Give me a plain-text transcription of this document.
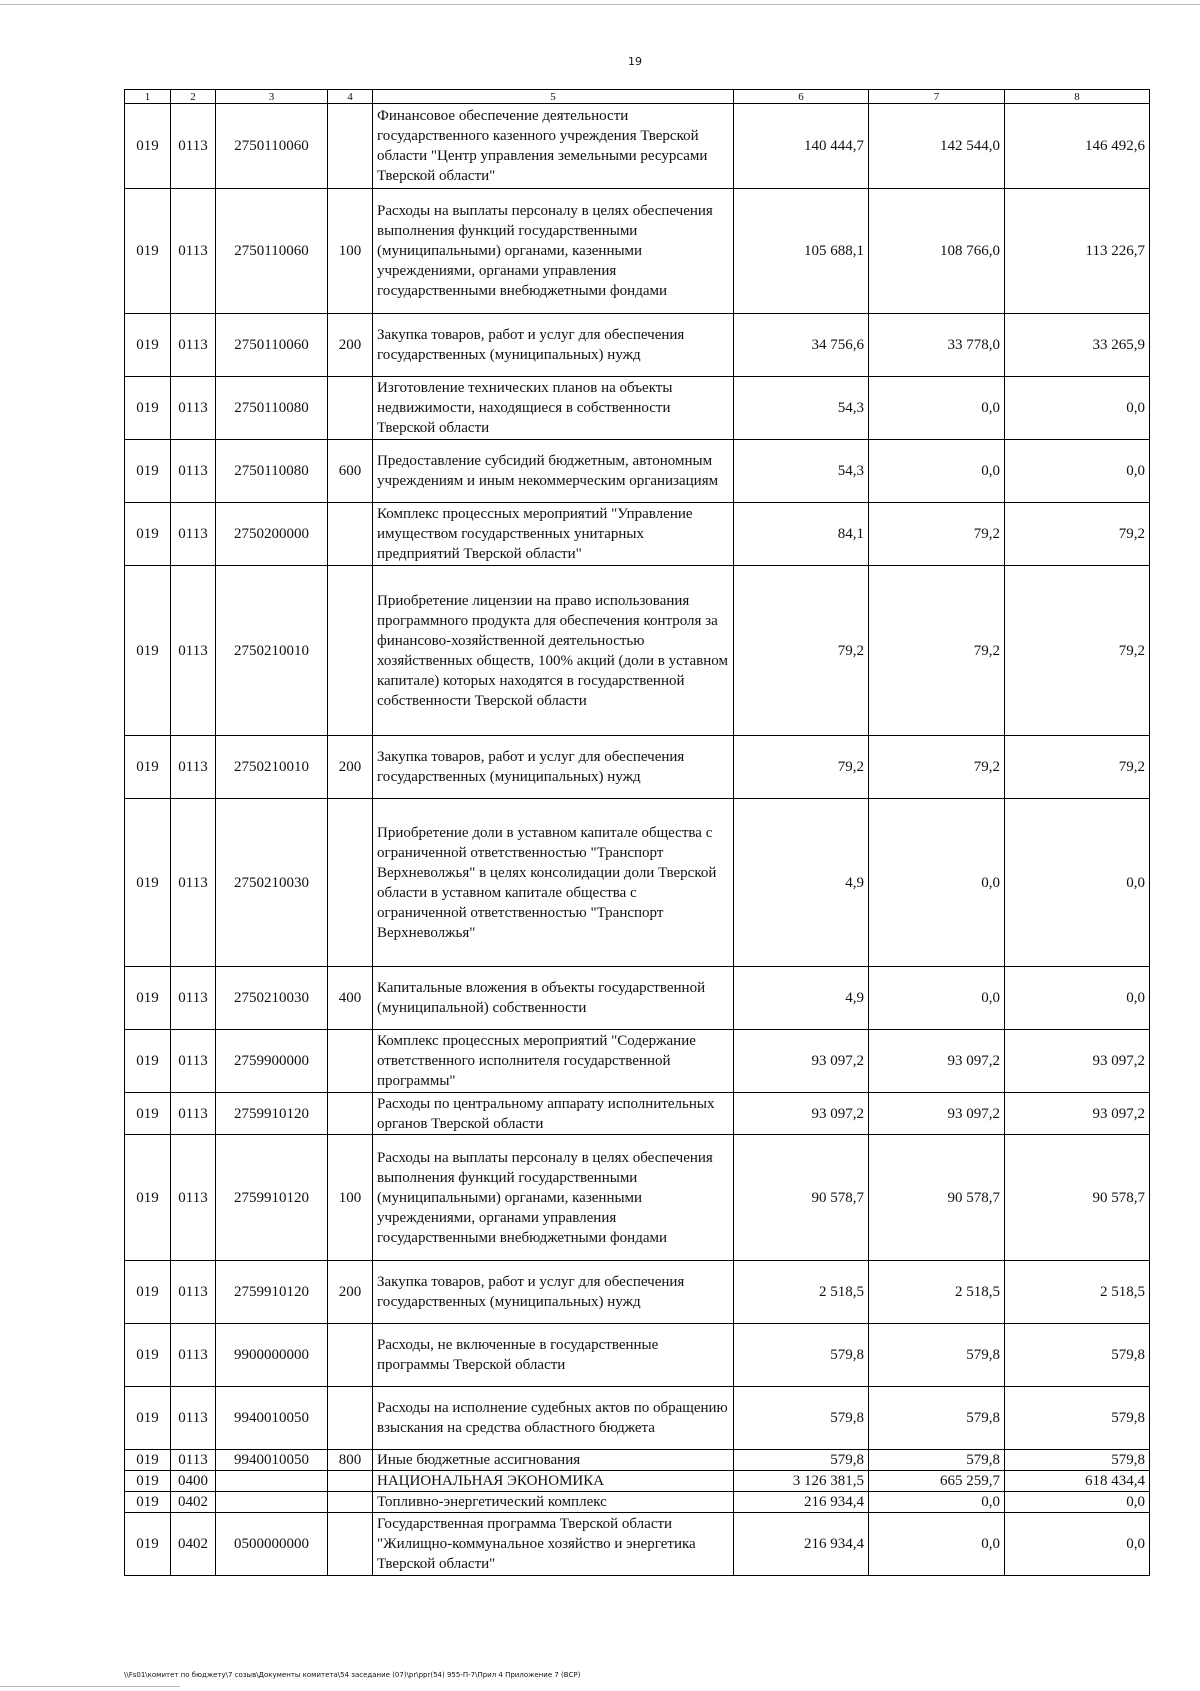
19
1	2	3	4	5	6	7	8
019	0113	2750110060		Финансовое обеспечение деятельности государственного казенного учреждения Тверской области "Центр управления земельными ресурсами Тверской области"	140 444,7	142 544,0	146 492,6
019	0113	2750110060	100	Расходы на выплаты персоналу в целях обеспечения выполнения функций государственными (муниципальными) органами, казенными учреждениями, органами управления государственными внебюджетными фондами	105 688,1	108 766,0	113 226,7
019	0113	2750110060	200	Закупка товаров, работ и услуг для обеспечения государственных (муниципальных) нужд	34 756,6	33 778,0	33 265,9
019	0113	2750110080		Изготовление технических планов на объекты недвижимости, находящиеся в собственности Тверской области	54,3	0,0	0,0
019	0113	2750110080	600	Предоставление субсидий бюджетным, автономным учреждениям и иным некоммерческим организациям	54,3	0,0	0,0
019	0113	2750200000		Комплекс процессных мероприятий "Управление имуществом государственных унитарных предприятий Тверской области"	84,1	79,2	79,2
019	0113	2750210010		Приобретение лицензии на право использования программного продукта для обеспечения контроля за финансово-хозяйственной деятельностью хозяйственных обществ, 100% акций (доли в уставном капитале) которых находятся в государственной собственности Тверской области	79,2	79,2	79,2
019	0113	2750210010	200	Закупка товаров, работ и услуг для обеспечения государственных (муниципальных) нужд	79,2	79,2	79,2
019	0113	2750210030		Приобретение доли в уставном капитале общества с ограниченной ответственностью "Транспорт Верхневолжья" в целях консолидации доли Тверской области в уставном капитале общества с ограниченной ответственностью "Транспорт Верхневолжья"	4,9	0,0	0,0
019	0113	2750210030	400	Капитальные вложения в объекты государственной (муниципальной) собственности	4,9	0,0	0,0
019	0113	2759900000		Комплекс процессных мероприятий "Содержание ответственного исполнителя государственной программы"	93 097,2	93 097,2	93 097,2
019	0113	2759910120		Расходы по центральному аппарату исполнительных органов Тверской области	93 097,2	93 097,2	93 097,2
019	0113	2759910120	100	Расходы на выплаты персоналу в целях обеспечения выполнения функций государственными (муниципальными) органами, казенными учреждениями, органами управления государственными внебюджетными фондами	90 578,7	90 578,7	90 578,7
019	0113	2759910120	200	Закупка товаров, работ и услуг для обеспечения государственных (муниципальных) нужд	2 518,5	2 518,5	2 518,5
019	0113	9900000000		Расходы, не включенные в государственные программы Тверской области	579,8	579,8	579,8
019	0113	9940010050		Расходы на исполнение судебных актов по обращению взыскания на средства областного бюджета	579,8	579,8	579,8
019	0113	9940010050	800	Иные бюджетные ассигнования	579,8	579,8	579,8
019	0400			НАЦИОНАЛЬНАЯ ЭКОНОМИКА	3 126 381,5	665 259,7	618 434,4
019	0402			Топливно-энергетический комплекс	216 934,4	0,0	0,0
019	0402	0500000000		Государственная программа Тверской области "Жилищно-коммунальное хозяйство и энергетика Тверской области"	216 934,4	0,0	0,0
\\Fs01\комитет по бюджету\7 созыв\Документы комитета\54 заседание (07)\pr\ppr(54) 955-П-7\Прил 4 Приложение 7 (ВСР)
